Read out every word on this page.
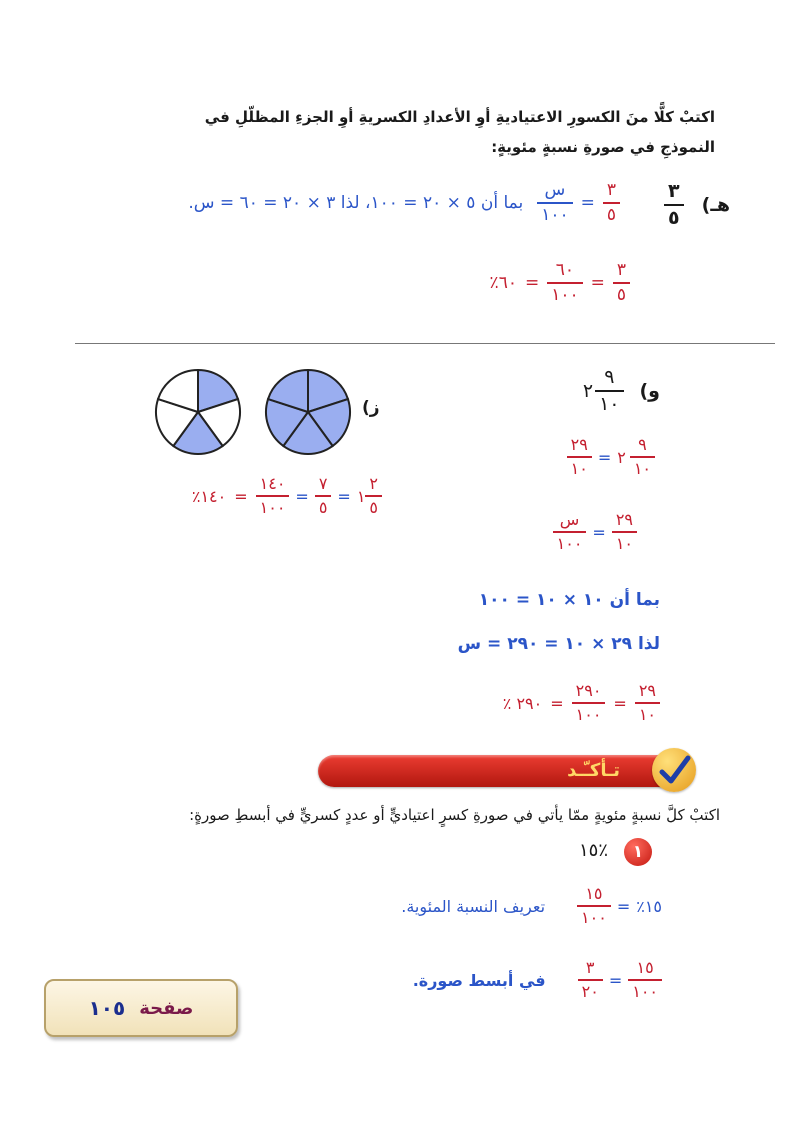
اكتبْ كلًّا منَ الكسورِ الاعتياديةِ أوِ الأعدادِ الكسريةِ أوِ الجزءِ المظلّلِ في
النموذجِ في صورةِ نسبةٍ مئويةٍ:
هـ)
$\frac{٣}{٥}$
$\frac{٣}{٥}$
=
$\frac{\text{س}}{١٠٠}$
بما أن ٥ × ٢٠ = ١٠٠، لذا ٣ × ٢٠ = ٦٠ = س.
$\frac{٣}{٥}$
=
$\frac{٦٠}{١٠٠}$
=
٦٠٪
ز)
$\frac{٢}{٥}$
١
=
$\frac{٧}{٥}$
=
$\frac{١٤٠}{١٠٠}$
=
١٤٠٪
و)
$\frac{٩}{١٠}$
٢
$\frac{٩}{١٠}$
٢
=
$\frac{٢٩}{١٠}$
$\frac{٢٩}{١٠}$
=
$\frac{\text{س}}{١٠٠}$
بما أن ١٠ × ١٠ = ١٠٠
لذا ٢٩ × ١٠ = ٢٩٠ = س
$\frac{٢٩}{١٠}$
=
$\frac{٢٩٠}{١٠٠}$
=
٢٩٠ ٪
تـأكـّـد
اكتبْ كلَّ نسبةٍ مئويةٍ ممّا يأتي في صورةِ كسرٍ اعتياديٍّ أو عددٍ كسريٍّ في أبسطِ صورةٍ:
١
١٥٪
١٥٪
=
$\frac{١٥}{١٠٠}$
تعريف النسبة المئوية.
$\frac{١٥}{١٠٠}$
=
$\frac{٣}{٢٠}$
في أبسط صورة.
صفحة
١٠٥
